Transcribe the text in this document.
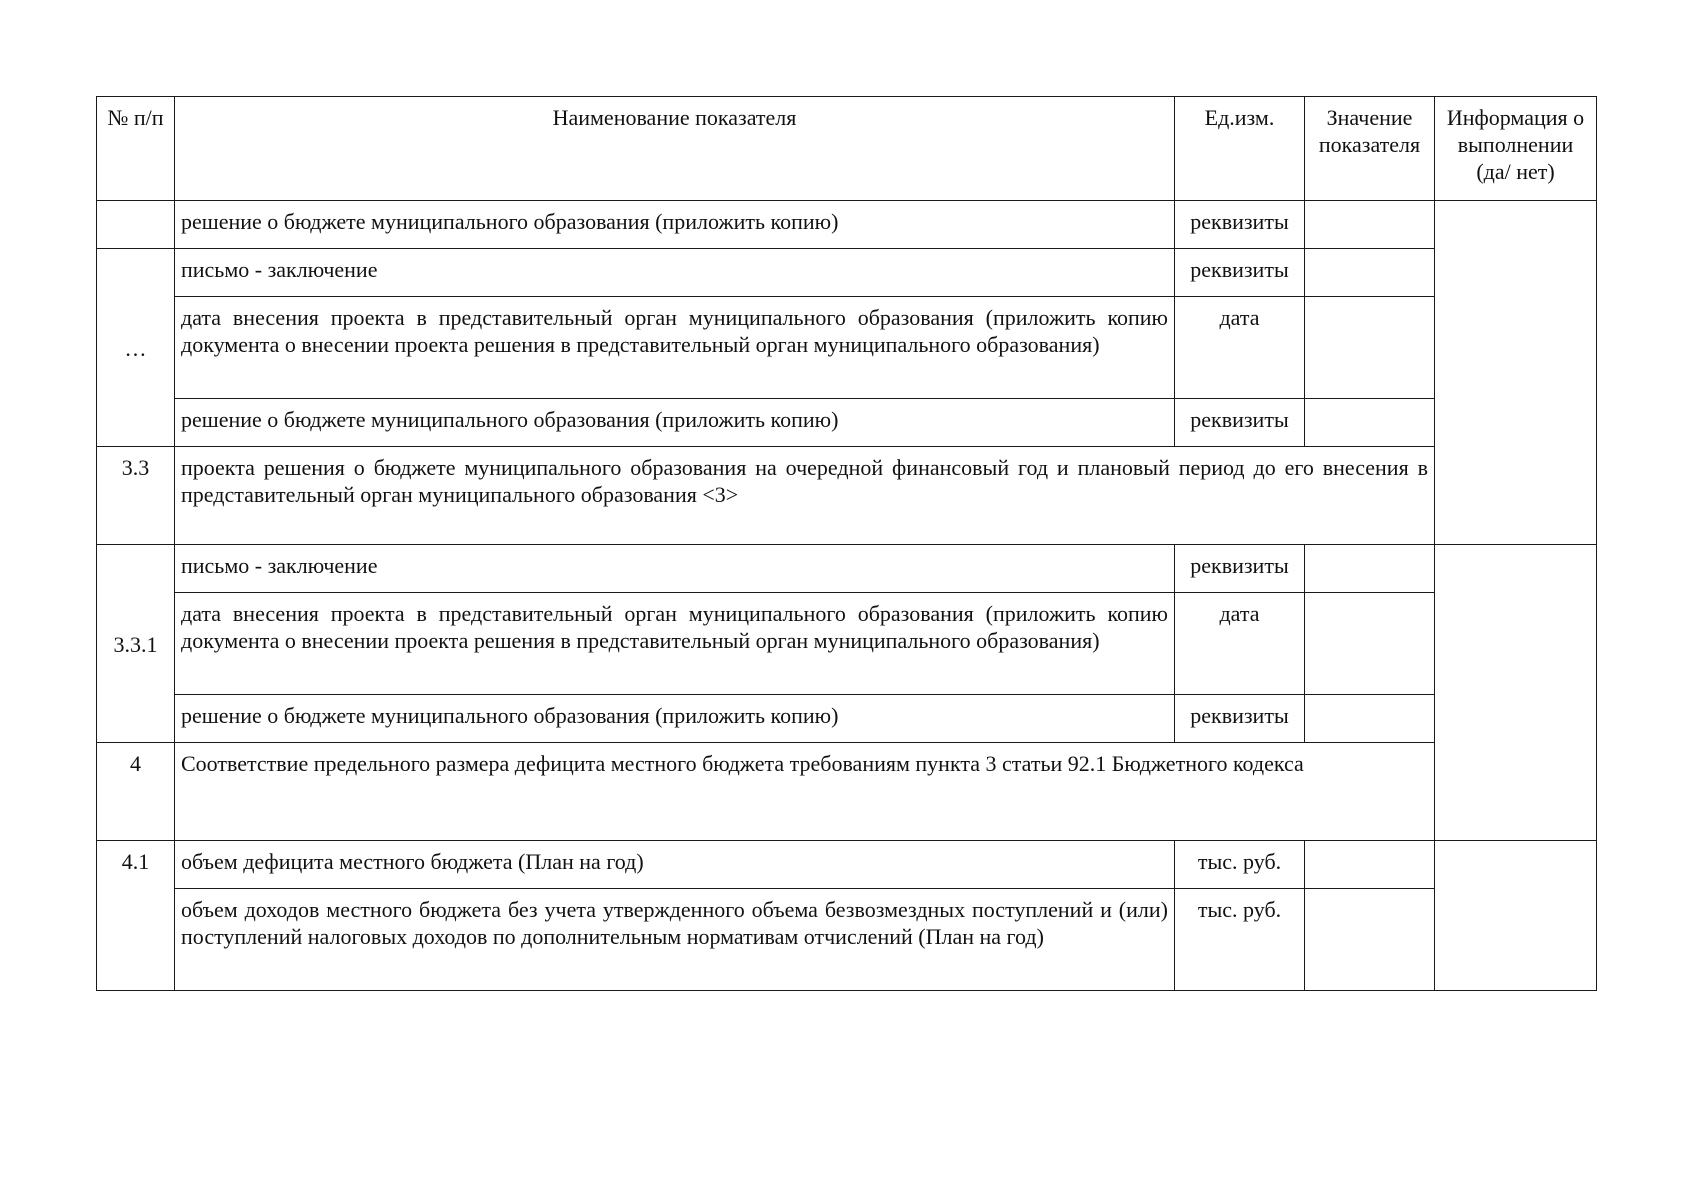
№ п/п	Наименование показателя	Ед.изм.	Значение показателя	Информация о выполнении (да/ нет)
	решение о бюджете муниципального образования (приложить копию)	реквизиты		
…	письмо - заключение	реквизиты		
	дата внесения проекта в представительный орган муниципального образования (приложить копию документа о внесении проекта решения в представительный орган муниципального образования)	дата		
	решение о бюджете муниципального образования (приложить копию)	реквизиты		
3.3	проекта решения о бюджете муниципального образования на очередной финансовый год и плановый период до его внесения в представительный орган муниципального образования <3>			
3.3.1	письмо - заключение	реквизиты		
	дата внесения проекта в представительный орган муниципального образования (приложить копию документа о внесении проекта решения в представительный орган муниципального образования)	дата		
	решение о бюджете муниципального образования (приложить копию)	реквизиты		
4	Соответствие предельного размера дефицита местного бюджета требованиям пункта 3 статьи 92.1 Бюджетного кодекса			
4.1	объем дефицита местного бюджета (План на год)	тыс. руб.		
	объем доходов местного бюджета без учета утвержденного объема безвозмездных поступлений и (или) поступлений налоговых доходов по дополнительным нормативам отчислений (План на год)	тыс. руб.		
